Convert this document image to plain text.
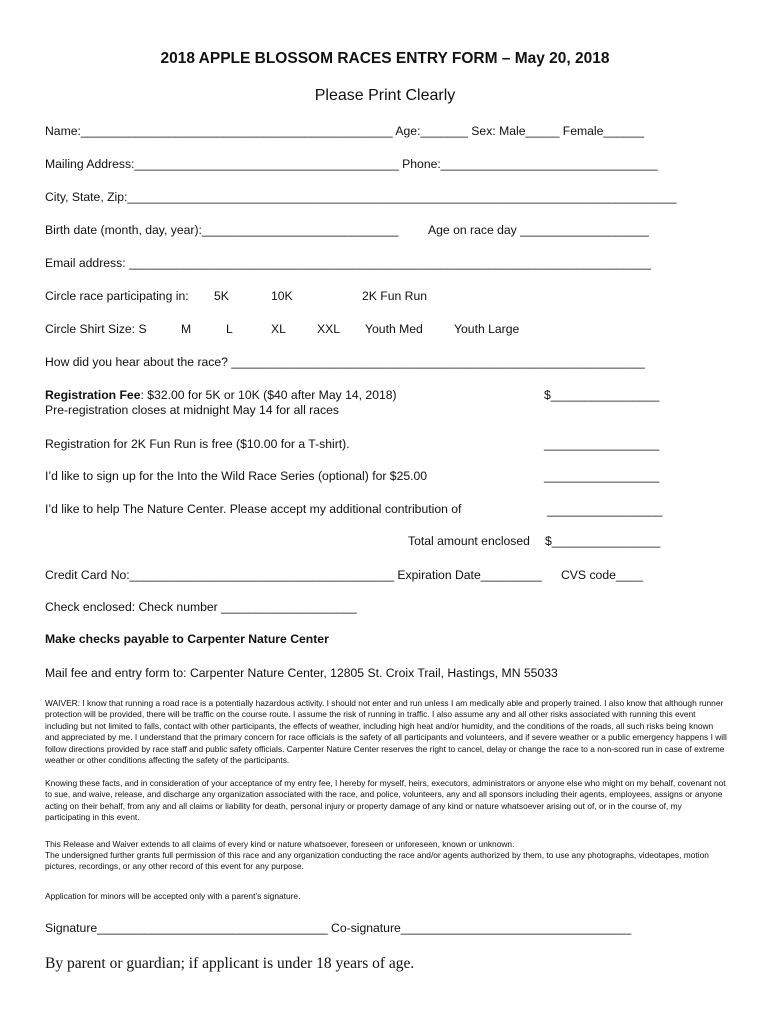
2018 APPLE BLOSSOM RACES ENTRY FORM – May 20, 2018
Please Print Clearly
Name:______________________________________________ Age:_______ Sex: Male_____ Female______
Mailing Address:_______________________________________ Phone:________________________________
City, State, Zip:_________________________________________________________________________________
Birth date (month, day, year):_____________________________ Age on race day ___________________
Email address: _____________________________________________________________________________
Circle race participating in: 5K	10K	2K Fun Run
Circle Shirt Size: S	M	L	XL	XXL Youth Med	Youth Large
How did you hear about the race? _____________________________________________________________
Registration Fee: $32.00 for 5K or 10K ($40 after May 14, 2018)	$________________
Pre-registration closes at midnight May 14 for all races
Registration for 2K Fun Run is free ($10.00 for a T-shirt).	_________________
I’d like to sign up for the Into the Wild Race Series (optional) for $25.00	_________________
I’d like to help The Nature Center. Please accept my additional contribution of	_________________
Total amount enclosed $________________
Credit Card No:_______________________________________ Expiration Date_________ CVS code____
Check enclosed: Check number ____________________
Make checks payable to Carpenter Nature Center
Mail fee and entry form to: Carpenter Nature Center, 12805 St. Croix Trail, Hastings, MN 55033
WAIVER: I know that running a road race is a potentially hazardous activity. I should not enter and run unless I am medically able and properly trained. I also know that although runner protection will be provided, there will be traffic on the course route. I assume the risk of running in traffic. I also assume any and all other risks associated with running this event including but not limited to falls, contact with other participants, the effects of weather, including high heat and/or humidity, and the conditions of the roads, all such risks being known and appreciated by me. I understand that the primary concern for race officials is the safety of all participants and volunteers, and if severe weather or a public emergency happens I will follow directions provided by race staff and public safety officials. Carpenter Nature Center reserves the right to cancel, delay or change the race to a non-scored run in case of extreme weather or other conditions affecting the safety of the participants.
Knowing these facts, and in consideration of your acceptance of my entry fee, I hereby for myself, heirs, executors, administrators or anyone else who might on my behalf, covenant not to sue, and waive, release, and discharge any organization associated with the race, and police, volunteers, any and all sponsors including their agents, employees, assigns or anyone acting on their behalf, from any and all claims or liability for death, personal injury or property damage of any kind or nature whatsoever arising out of, or in the course of, my participating in this event.
This Release and Waiver extends to all claims of every kind or nature whatsoever, foreseen or unforeseen, known or unknown.
The undersigned further grants full permission of this race and any organization conducting the race and/or agents authorized by them, to use any photographs, videotapes, motion pictures, recordings, or any other record of this event for any purpose.
Application for minors will be accepted only with a parent’s signature.
Signature__________________________________ Co-signature__________________________________
By parent or guardian; if applicant is under 18 years of age.
